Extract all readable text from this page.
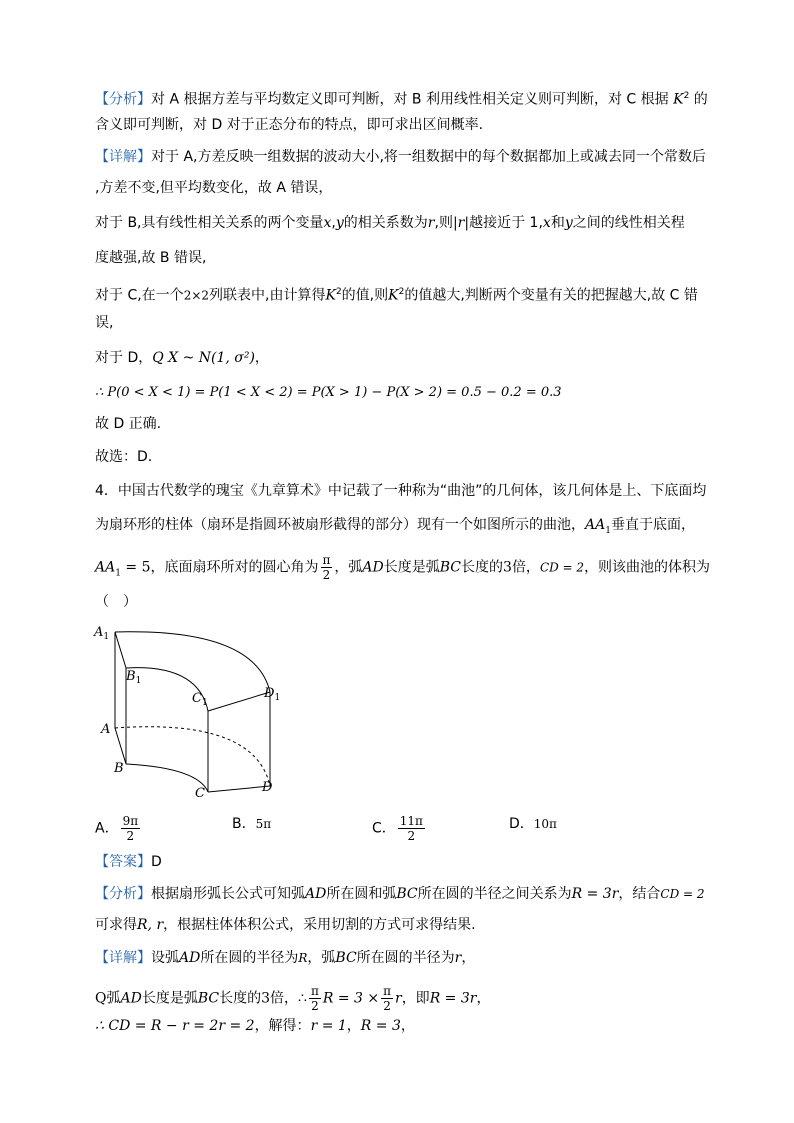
【分析】对 A 根据方差与平均数定义即可判断，对 B 利用线性相关定义则可判断，对 C 根据 $K^2$ 的
含义即可判断，对 D 对于正态分布的特点，即可求出区间概率.
【详解】对于 A,方差反映一组数据的波动大小,将一组数据中的每个数据都加上或减去同一个常数后
,方差不变,但平均数变化，故 A 错误，
对于 B,具有线性相关关系的两个变量x,y的相关系数为r,则|r|越接近于 1,x和y之间的线性相关程
度越强,故 B 错误,
对于 C,在一个2×2列联表中,由计算得$K^2$的值,则$K^2$的值越大,判断两个变量有关的把握越大,故 C 错
误,
对于 D，Q X ~ N(1, σ²)，
∴ P(0 < X < 1) = P(1 < X < 2) = P(X > 1) − P(X > 2) = 0.5 − 0.2 = 0.3
故 D 正确.
故选：D.
4．中国古代数学的瑰宝《九章算术》中记载了一种称为“曲池”的几何体，该几何体是上、下底面均
为扇环形的柱体（扇环是指圆环被扇形截得的部分）现有一个如图所示的曲池，$AA_1$垂直于底面，
$AA_1 = 5$，底面扇环所对的圆心角为 $\frac{\pi}{2}$ ，弧AD长度是弧BC长度的3倍，CD = 2，则该曲池的体积为
（　）
$A_1$
$B_1$
$C_1$
$D_1$
A
B
C	D
A． $\frac{9\pi}{2}$	B．5π	C． $\frac{11\pi}{2}$	D．10π
【答案】D
【分析】根据扇形弧长公式可知弧AD所在圆和弧BC所在圆的半径之间关系为R = 3r，结合CD = 2
可求得R, r，根据柱体体积公式，采用切割的方式可求得结果.
【详解】设弧AD所在圆的半径为R，弧BC所在圆的半径为r，
Q弧AD长度是弧BC长度的3倍，∴ $\frac{\pi}{2}$ $R = 3 \times \frac{\pi}{2}$ r，即R = 3r，
∴ CD = R − r = 2r = 2，解得：r = 1，R = 3，
